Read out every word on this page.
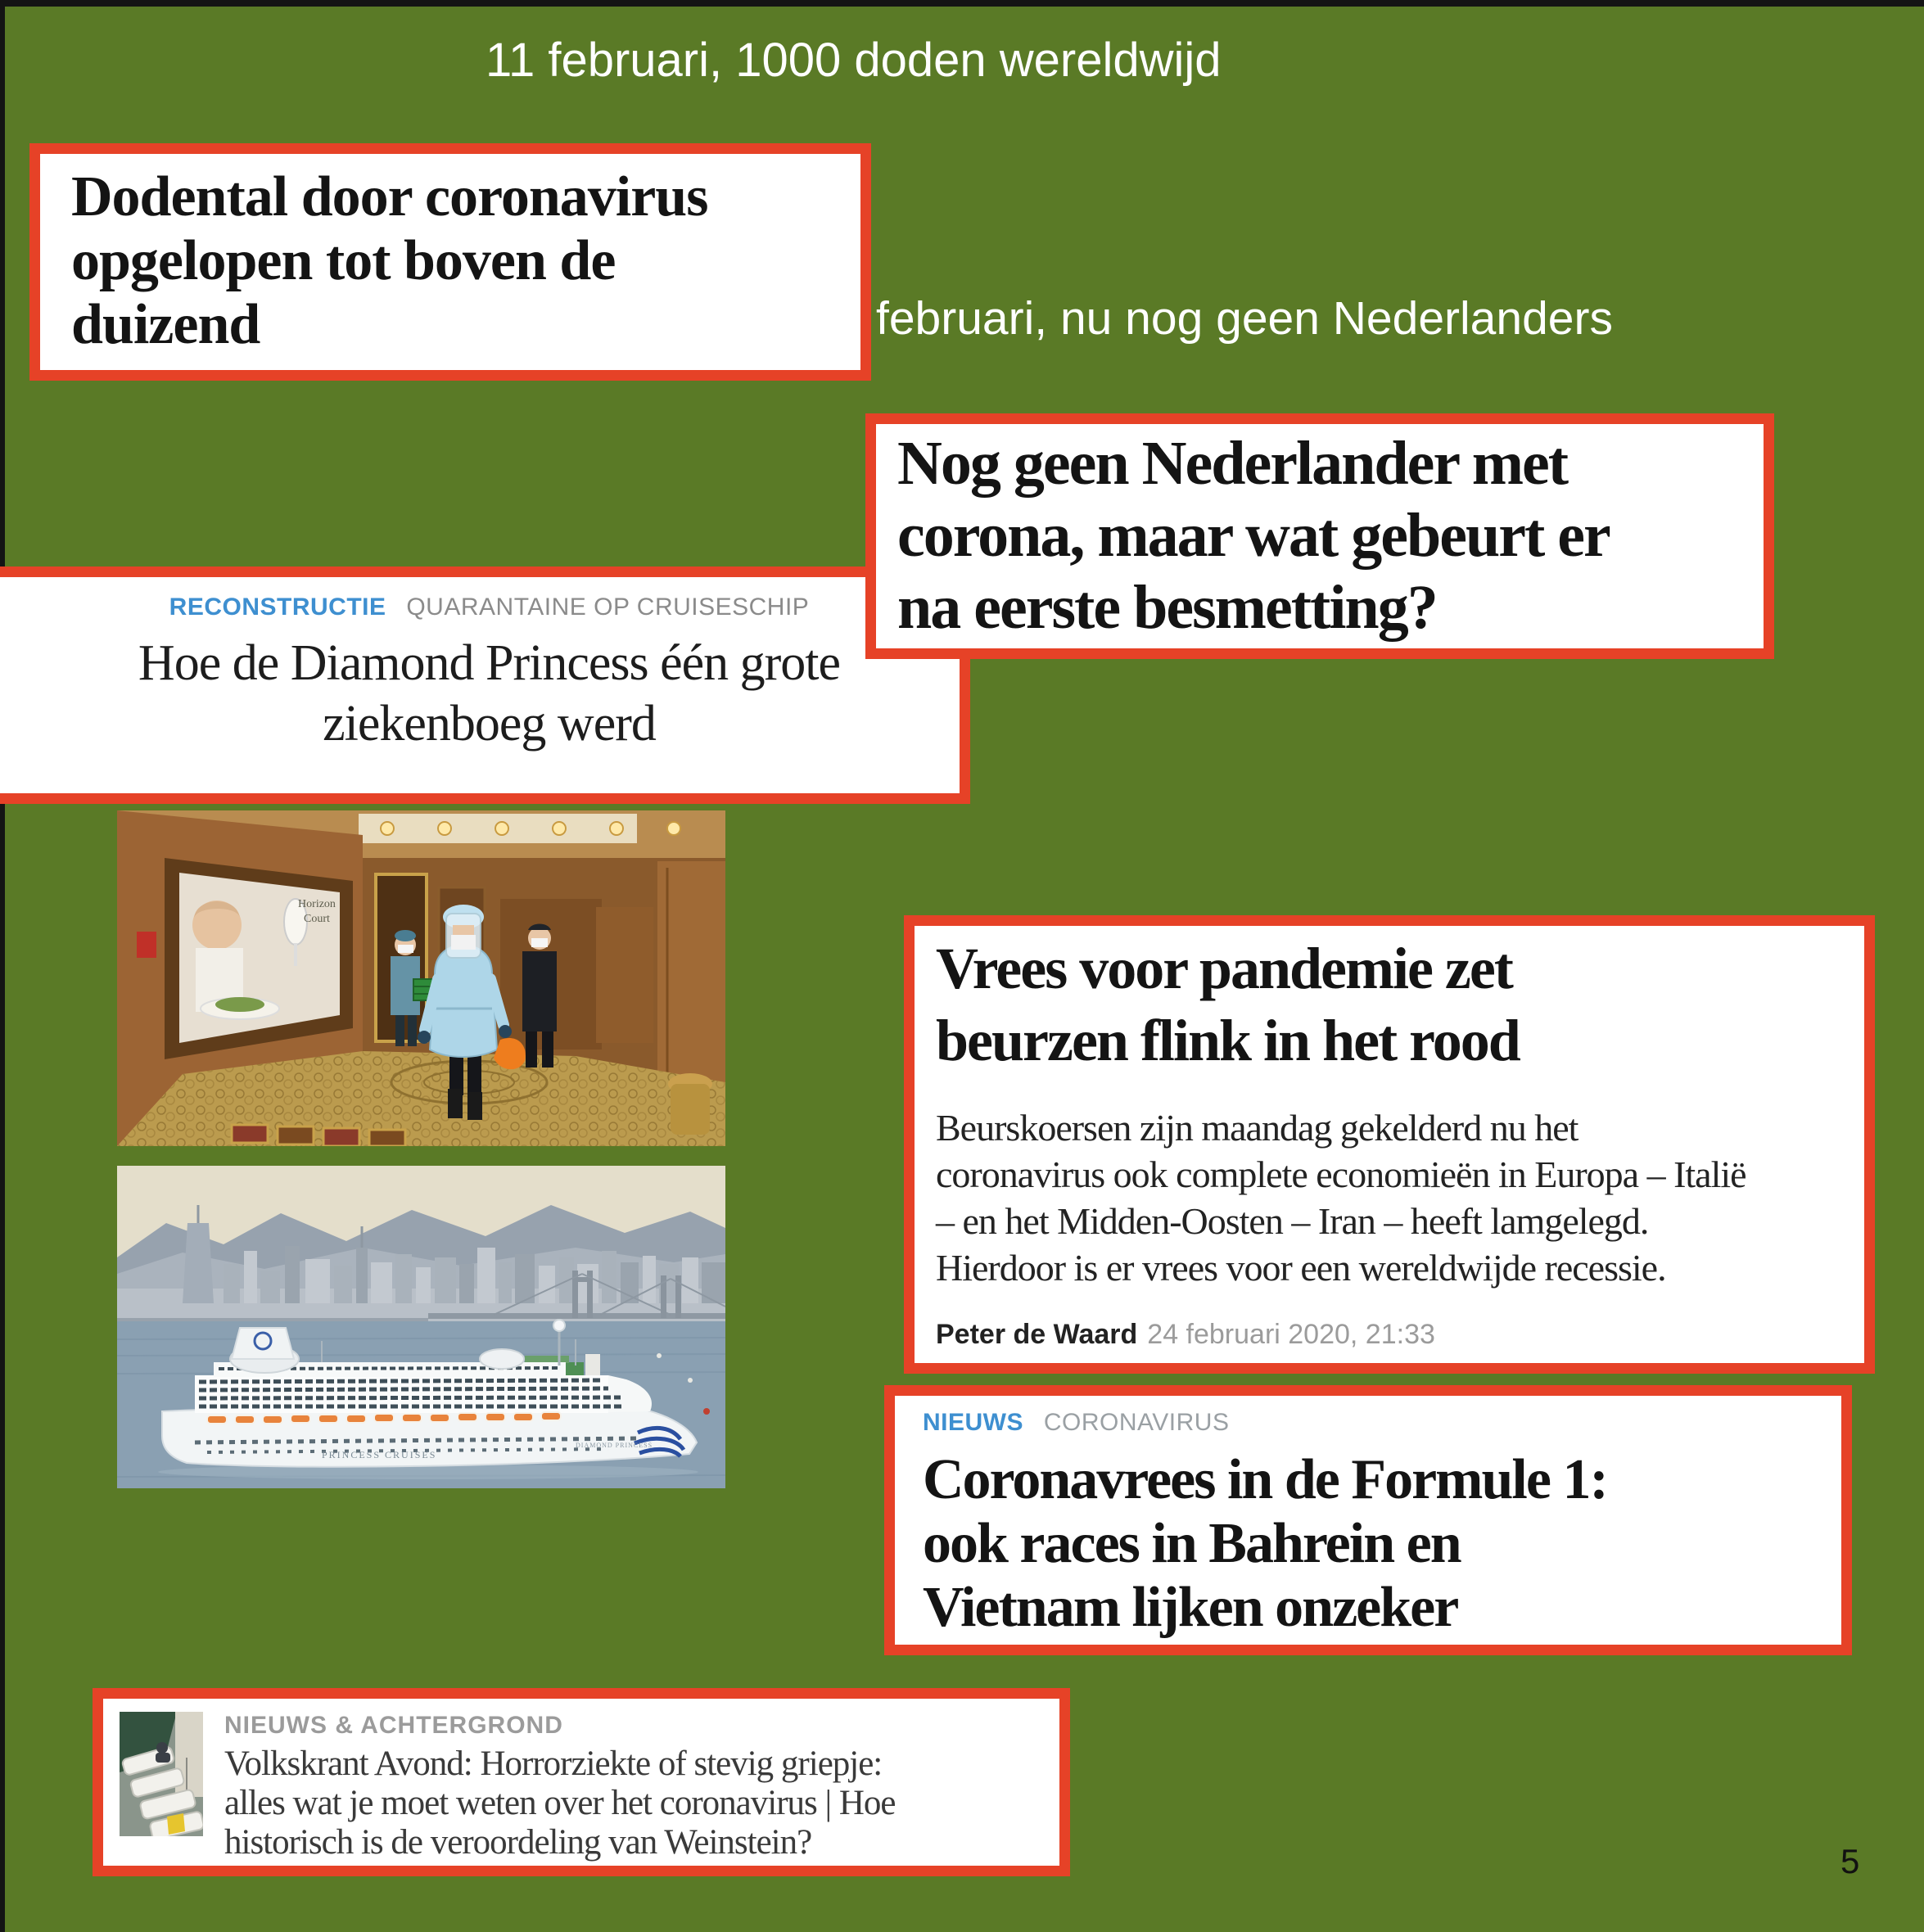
11 februari, 1000 doden wereldwijd
februari, nu nog geen Nederlanders
Dodental door coronavirus
opgelopen tot boven de
duizend
Nog geen Nederlander met
corona, maar wat gebeurt er
na eerste besmetting?
RECONSTRUCTIE QUARANTAINE OP CRUISESCHIP
Hoe de Diamond Princess één grote
ziekenboeg werd
Horizon
Court
PRINCESS CRUISES
DIAMOND PRINCESS
Vrees voor pandemie zet
beurzen flink in het rood
Beurskoersen zijn maandag gekelderd nu het
coronavirus ook complete economieën in Europa – Italië
– en het Midden-Oosten – Iran – heeft lamgelegd.
Hierdoor is er vrees voor een wereldwijde recessie.
Peter de Waard 24 februari 2020, 21:33
NIEUWS CORONAVIRUS
Coronavrees in de Formule 1:
ook races in Bahrein en
Vietnam lijken onzeker
NIEUWS & ACHTERGROND
Volkskrant Avond: Horrorziekte of stevig griepje:
alles wat je moet weten over het coronavirus | Hoe
historisch is de veroordeling van Weinstein?	5
